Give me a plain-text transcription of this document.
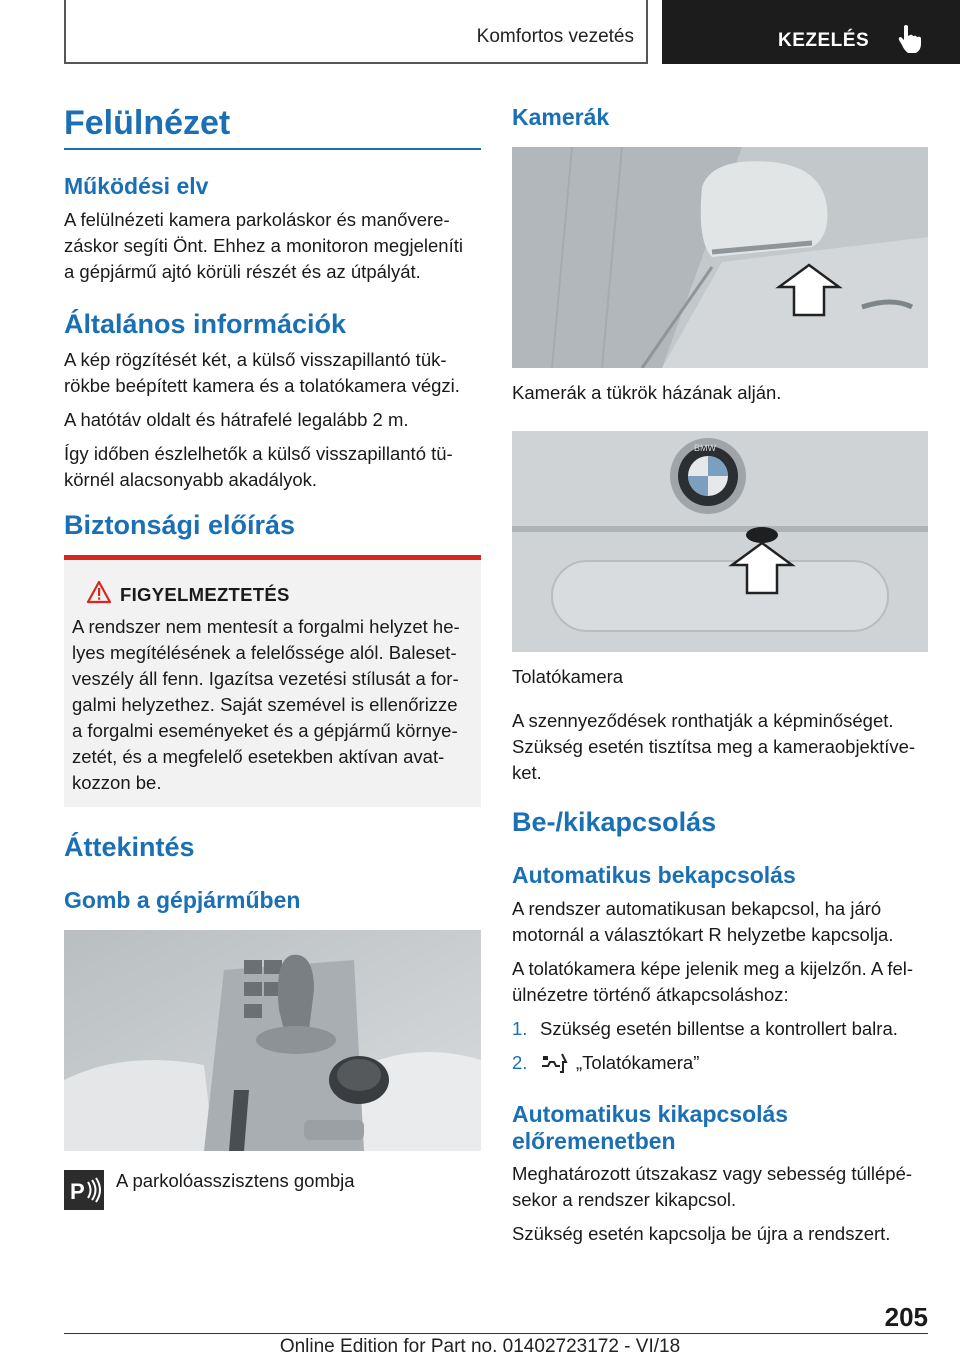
Komfortos vezetés	KEZELÉS
Felülnézet
Működési elv
A felülnézeti kamera parkoláskor és manővere-
záskor segíti Önt. Ehhez a monitoron megjeleníti
a gépjármű ajtó körüli részét és az útpályát.
Általános információk
A kép rögzítését két, a külső visszapillantó tük-
rökbe beépített kamera és a tolatókamera végzi.
A hatótáv oldalt és hátrafelé legalább 2 m.
Így időben észlelhetők a külső visszapillantó tü-
körnél alacsonyabb akadályok.
Biztonsági előírás
FIGYELMEZTETÉS
A rendszer nem mentesít a forgalmi helyzet he-
lyes megítélésének a felelőssége alól. Baleset-
veszély áll fenn. Igazítsa vezetési stílusát a for-
galmi helyzethez. Saját szemével is ellenőrizze
a forgalmi eseményeket és a gépjármű környe-
zetét, és a megfelelő esetekben aktívan avat-
kozzon be.
Áttekintés
Gomb a gépjárműben
P A parkolóasszisztens gombja
Kamerák
Kamerák a tükrök házának alján.
BMW
Tolatókamera
A szennyeződések ronthatják a képminőséget.
Szükség esetén tisztítsa meg a kameraobjektíve-
ket.
Be-/kikapcsolás
Automatikus bekapcsolás
A rendszer automatikusan bekapcsol, ha járó
motornál a választókart R helyzetbe kapcsolja.
A tolatókamera képe jelenik meg a kijelzőn. A fel-
ülnézetre történő átkapcsoláshoz:
1. Szükség esetén billentse a kontrollert balra.
2.	„Tolatókamera”
Automatikus kikapcsolás
előremenetben
Meghatározott útszakasz vagy sebesség túllépé-
sekor a rendszer kikapcsol.
Szükség esetén kapcsolja be újra a rendszert.
205
Online Edition for Part no. 01402723172 - VI/18
